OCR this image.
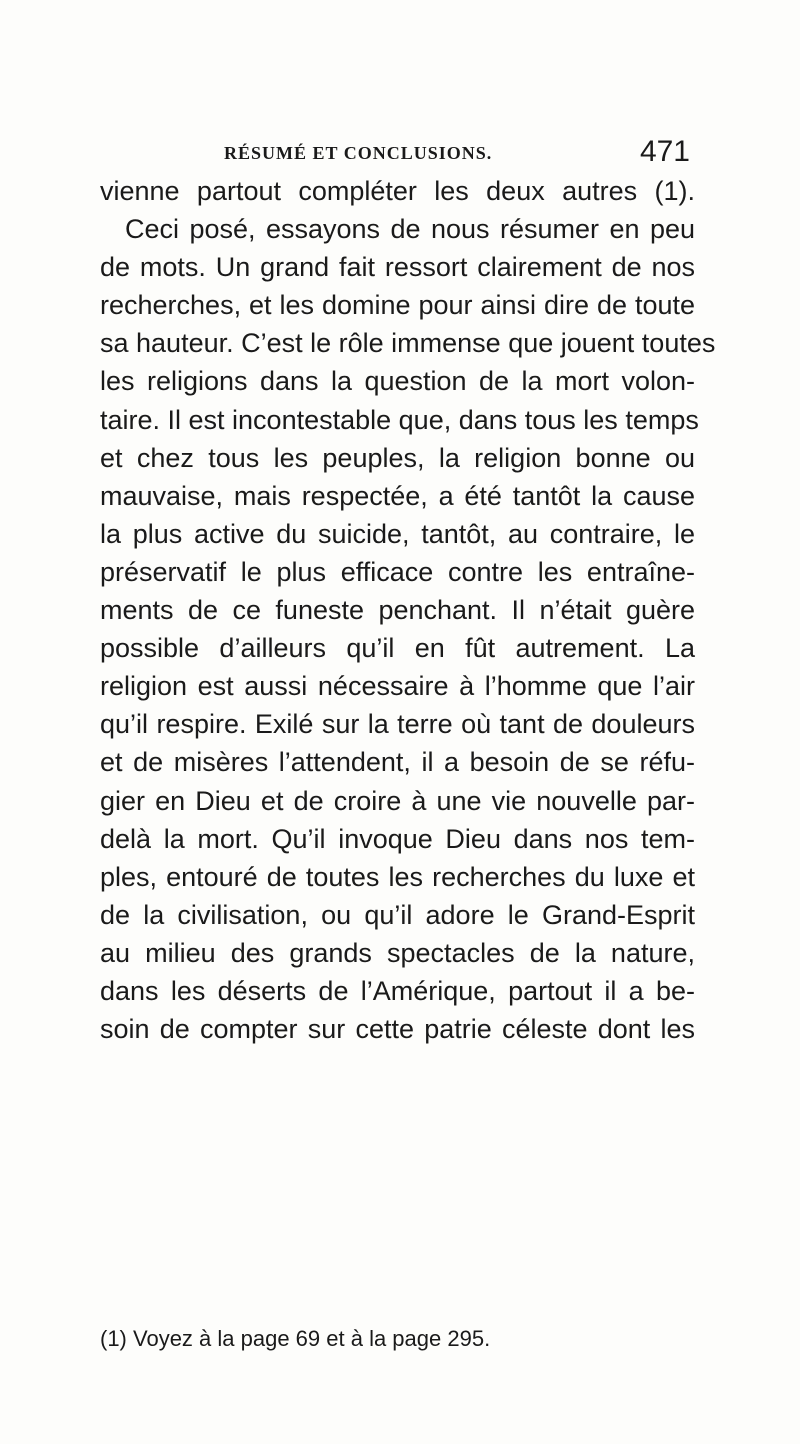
RÉSUMÉ ET CONCLUSIONS.	471
vienne partout compléter les deux autres (1).
Ceci posé, essayons de nous résumer en peu
de mots. Un grand fait ressort clairement de nos
recherches, et les domine pour ainsi dire de toute
sa hauteur. C’est le rôle immense que jouent toutes
les religions dans la question de la mort volon-
taire. Il est incontestable que, dans tous les temps
et chez tous les peuples, la religion bonne ou
mauvaise, mais respectée, a été tantôt la cause
la plus active du suicide, tantôt, au contraire, le
préservatif le plus efficace contre les entraîne-
ments de ce funeste penchant. Il n’était guère
possible d’ailleurs qu’il en fût autrement. La
religion est aussi nécessaire à l’homme que l’air
qu’il respire. Exilé sur la terre où tant de douleurs
et de misères l’attendent, il a besoin de se réfu-
gier en Dieu et de croire à une vie nouvelle par-
delà la mort. Qu’il invoque Dieu dans nos tem-
ples, entouré de toutes les recherches du luxe et
de la civilisation, ou qu’il adore le Grand-Esprit
au milieu des grands spectacles de la nature,
dans les déserts de l’Amérique, partout il a be-
soin de compter sur cette patrie céleste dont les
(1) Voyez à la page 69 et à la page 295.
